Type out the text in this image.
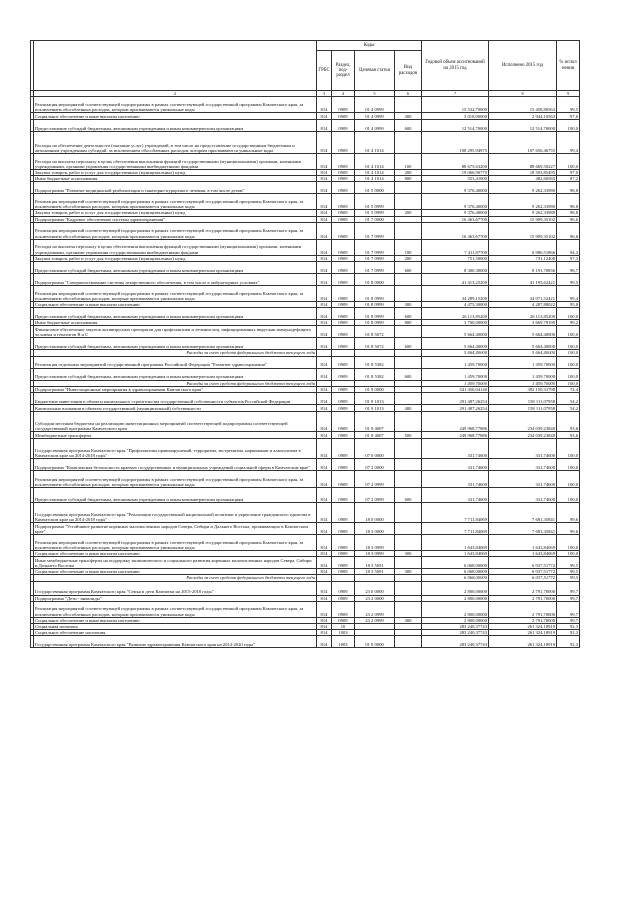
		Коды				Годовой объем ассигнований на 2015 год	Исполнено 2015 год	% испол нения
		ГРБС	Раздел, под-раздел	Целевая статья	Вид расходов			
1	2	3	4	5	6	7	8	9
	Реализация мероприятий соответствующей подпрограммы в рамках соответствующей государственной программы Камчатского края, за исключением обособленных расходов, которым присваиваются уникальные коды	814	0909	01 4 0999		15 532,70000	15 458,80563	99,5
	Социальное обеспечение и иные выплаты населению	814	0909	01 4 0999	300	3 018,00000	2 944,10563	97,6
	Предоставление субсидий бюджетным, автономным учреждениям и иным некоммерческим организациям	814	0909	01 4 0999	600	12 514,70000	12 514,70000	100,0
	Расходы на обеспечение деятельности (оказание услуг) учреждений, в том числе на предоставление государственным бюджетным и автономным учреждениям субсидий, за исключением обособленных расходов, которым присваиваются уникальные коды	814	0909	01 4 1014		108 295,94975	107 656,46755	99,4
	Расходы на выплаты персоналу в целях обеспечения выполнения функций государственными (муниципальными) органами, казенными учреждениями, органами управления государственными внебюджетными фондами	814	0909	01 4 1014	100	88 675,63200	88 669,50227	100,0
	Закупка товаров, работ и услуг для государственных (муниципальных) нужд	814	0909	01 4 1014	200	19 066,90775	18 503,85495	97,0
	Иные бюджетные ассигнования	814	0909	01 4 1014	800	553,41000	482,60583	87,2
	Подпрограмма "Развитие медицинской реабилитации и санаторно-курортного лечения, в том числе детям"	814	0909	01 5 0000		9 376,40000	9 262,33980	98,8
	Реализация мероприятий соответствующей подпрограммы в рамках соответствующей государственной программы Камчатского края, за исключением обособленных расходов, которым присваиваются уникальные коды	814	0909	01 5 0999		9 376,40000	9 262,33980	98,8
	Закупка товаров, работ и услуг для государственных (муниципальных) нужд	814	0909	01 5 0999	200	9 376,40000	9 262,33980	98,8
	Подпрограмма "Кадровое обеспечение системы здравоохранения"	814	0909	01 7 0000		16 463,67700	15 909,35102	96,6
	Реализация мероприятий соответствующей подпрограммы в рамках соответствующей государственной программы Камчатского края, за исключением обособленных расходов, которым присваиваются уникальные коды	814	0909	01 7 0999		16 463,67700	15 909,35102	96,6
	Расходы на выплаты персоналу в целях обеспечения выполнения функций государственными (муниципальными) органами, казенными учреждениями, органами управления государственными внебюджетными фондами	814	0909	01 7 0999	100	7 411,87700	6 986,51866	94,3
	Закупка товаров, работ и услуг для государственных (муниципальных) нужд	814	0909	01 7 0999	200	751,50000	731,12400	97,3
	Предоставление субсидий бюджетным, автономным учреждениям и иным некоммерческим организациям	814	0909	01 7 0999	600	8 300,30000	8 191,70836	98,7
	Подпрограмма "Совершенствование системы лекарственного обеспечения, в том числе в амбулаторных условиях"	814	0909	01 8 0000		41 413,25200	41 195,62421	99,5
	Реализация мероприятий соответствующей подпрограммы в рамках соответствующей государственной программы Камчатского края, за исключением обособленных расходов, которым присваиваются уникальные коды	814	0909	01 8 0999		34 289,15200	34 071,52421	99,4
	Социальное обеспечение и иные выплаты населению	814	0909	01 8 0999	300	4 475,30000	4 287,88022	95,8
	Предоставление субсидий бюджетным, автономным учреждениям и иным некоммерческим организациям	814	0909	01 8 0999	600	26 113,85200	26 113,85200	100,0
	Иные бюджетные ассигнования	814	0909	01 8 0999	800	3 700,00000	3 669,79199	99,2
	Финансовое обеспечение закупок антивирусных препаратов для профилактики и лечения лиц, инфицированных вирусами иммунодефицита человека и гепатитов В и С	814	0909	01 8 5072		5 664,40000	5 664,40000	100,0
	Предоставление субсидий бюджетным, автономным учреждениям и иным некоммерческим организациям	814	0909	01 8 5072	600	5 664,40000	5 664,40000	100,0
	Расходы за счет средств федерального бюджета текущего года					5 664,40000	5 664,40000	100,0
	Реализация отдельных мероприятий государственной программы Российской Федерации "Развитие здравоохранения"	814	0909	01 8 5382		1 459,70000	1 459,70000	100,0
	Предоставление субсидий бюджетным, автономным учреждениям и иным некоммерческим организациям	814	0909	01 8 5382	600	1 459,70000	1 459,70000	100,0
	Расходы за счет средств федерального бюджета текущего года					1 459,70000	1 459,70000	100,0
	Подпрограмма "Инвестиционные мероприятия в здравоохранении Камчатского края"	814	0909	01 9 0000		541 456,04140	392 150,31798	72,4
	Бюджетные инвестиции в объекты капитального строительства государственной собственности субъектов Российской Федерации	814	0909	01 9 1013		291 487,26254	158 111,07958	54,2
	Капитальные вложения в объекты государственной (муниципальной) собственности	814	0909	01 9 1013	400	291 487,26254	158 111,07958	54,2
	Субсидии местным бюджетам на реализацию инвестиционных мероприятий соответствующей подпрограммы соответствующей государственной программы Камчатского края	814	0909	01 9 4007		249 968,77886	234 039,23840	93,6
	Межбюджетные трансферты	814	0909	01 9 4007	500	249 968,77886	234 039,23840	93,6
	Государственная программа Камчатского края "Профилактика правонарушений, терроризма, экстремизма, наркомании и алкоголизма в Камчатском крае на 2014-2018 годы"	814	0909	07 0 0000		331,74600	331,74600	100,0
	Подпрограмма "Комплексная безопасность краевых государственных и муниципальных учреждений социальной сферы в Камчатском крае"	814	0909	07 2 0000		331,74600	331,74600	100,0
	Реализация мероприятий соответствующей подпрограммы в рамках соответствующей государственной программы Камчатского края, за исключением обособленных расходов, которым присваиваются уникальные коды	814	0909	07 2 0999		331,74600	331,74600	100,0
	Предоставление субсидий бюджетным, автономным учреждениям и иным некоммерческим организациям	814	0909	07 2 0999	600	331,74600	331,74600	100,0
	Государственная программа Камчатского края "Реализация государственной национальной политики и укрепление гражданского единства в Камчатском крае на 2014-2018 годы"	814	0909	18 0 0000		7 711,84069	7 681,35841	99,6
	Подпрограмма "Устойчивое развитие коренных малочисленных народов Севера, Сибири и Дальнего Востока, проживающих в Камчатском крае"	814	0909	18 3 0000		7 711,84069	7 681,35841	99,6
	Реализация мероприятий соответствующей подпрограммы в рамках соответствующей государственной программы Камчатского края, за исключением обособленных расходов, которым присваиваются уникальные коды	814	0909	18 3 0999		1 643,84069	1 643,84069	100,0
	Социальное обеспечение и иные выплаты населению	814	0909	18 3 0999	300	1 643,84069	1 643,84069	100,0
	Иные межбюджетные трансферты на поддержку экономического и социального развития коренных малочисленных народов Севера, Сибири и Дальнего Востока	814	0909	18 3 5091		6 068,00000	6 037,51772	99,5
	Социальное обеспечение и иные выплаты населению	814	0909	18 3 5091	300	6 068,00000	6 037,51772	99,5
	Расходы за счет средств федерального бюджета текущего года					6 068,00000	6 037,51772	99,5
	Государственная программа Камчатского края "Семья и дети Камчатки на 2015-2018 годы"	814	0909	23 0 0000		2 800,00000	2 791,70000	99,7
	Подпрограмма "Дети - инвалиды"	814	0909	23 2 0000		2 800,00000	2 791,70000	99,7
	Реализация мероприятий соответствующей подпрограммы в рамках соответствующей государственной программы Камчатского края, за исключением обособленных расходов, которым присваиваются уникальные коды	814	0909	23 2 0999		2 800,00000	2 791,70000	99,7
	Социальное обеспечение и иные выплаты населению	814	0909	23 2 0999	300	2 800,00000	2 791,70000	99,7
	Социальная политика	814	10			283 240,37743	261 324,18919	92,3
	Социальное обеспечение населения	814	1003			283 240,37743	261 324,18919	92,3
	Государственная программа Камчатского края "Развитие здравоохранения Камчатского края на 2014-2020 годы"	814	1003	01 0 0000		283 240,37743	261 324,18919	92,3
